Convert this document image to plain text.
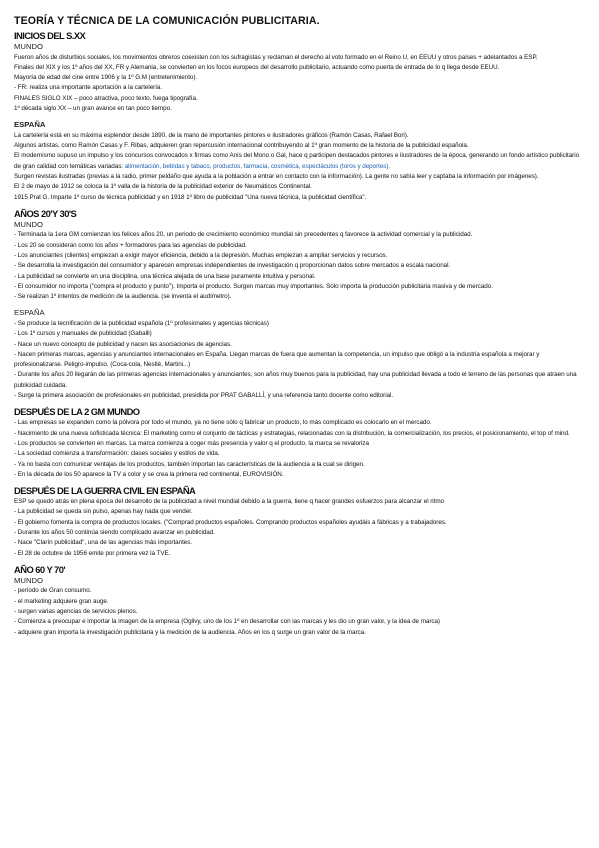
TEORÍA Y TÉCNICA DE LA COMUNICACIÓN PUBLICITARIA.
INICIOS DEL S.XX
MUNDO

Fueron años de disturbios sociales, los movimientos obreros coexisten con los sufragistas y reclaman el derecho al voto formado en el Reino U, en EEUU y otros países + adelantados a ESP.

Finales del XIX y los 1º años del XX, FR y Alemania, se convierten en los focos europeos del desarrollo publicitario, actuando como puerta de entrada de lo q llega desde EEUU.

Mayoría de edad del cine entre 1906 y la 1º G.M (entretenimiento).

- FR: realiza una importante aportación a la cartelería.

FINALES SIGLO XIX – poco atractiva, poco texto, fuega tipografía.

1º década siglo XX – un gran avance en tan poco tiempo.

ESPAÑA

La cartelería está en su máxima esplendor desde 1890, de la mano de importantes pintores e ilustradores gráficos (Ramón Casas, Rafael Bori).

Algunos artistas, como Ramón Casas y F. Ribas, adquieren gran repercusión internacional contribuyendo al 1º gran momento de la historia de la publicidad española.

El modernismo supuso un impulso y los concursos convocados x firmas como Anís del Mono o Gal, hace q participen destacados pintores e ilustradores de la época, generando un fondo artístico publicitario de gran calidad con temáticas variadas: alimentación, bebidas y tabaco, productos, farmacia, cosmética, espectáculos (toros y deportes).

Surgen revistas ilustradas (previas a la radio, primer peldaño que ayuda a la población a entrar en contacto con la información). La gente no sabía leer y captaba la información por imágenes).

El 2 de mayo de 1912 se coloca la 1º valla de la historia de la publicidad exterior de Neumáticos Continental.

1915 Prat G. Imparte 1º curso de técnica publicidad y en 1918 1º libro de publicidad "Una nueva técnica, la publicidad científica".

AÑOS 20'Y 30'S
MUNDO

- Terminada la 1era GM comienzan los felices años 20, un periodo de crecimiento económico mundial sin precedentes q favorece la actividad comercial y la publicidad.

- Los 20 se consideran como los años + formadores para las agencias de publicidad.

- Los anunciantes (clientes) empiezan a exigir mayor eficiencia, debido a la depresión. Muchas empiezan a ampliar servicios y recursos.

- Se desarrolla la investigación del consumidor y aparecen empresas independientes de investigación q proporcionan datos sobre mercados a escala nacional.

- La publicidad se convierte en una disciplina, una técnica alejada de una base puramente intuitiva y personal.

- El consumidor no importa ("compra el producto y punto"). Importa el producto. Surgen marcas muy importantes. Solo importa la producción publicitaria masiva y de mercado.

- Se realizan 1º intentos de medición de la audiencia. (se inventa el audímetro).

ESPAÑA

- Se produce la tecnificación de la publicidad española (1º profesionales y agencias técnicas)

- Los 1º cursos y manuales de publicidad (Gaballi)

- Nace un nuevo concepto de publicidad y nacen las asociaciones de agencias.

- Nacen primeras marcas, agencias y anunciantes internacionales en España. Llegan marcas de fuera que aumentan la competencia, un impulso que obligó a la industria española a mejorar y profesionalizarse. Peligro-impulso. (Coca-cola, Nestlé, Martini...)

- Durante los años 20 llegarán de las primeras agencias internacionales y anunciantes, son años muy buenos para la publicidad, hay una publicidad llevada a todo el terreno de las personas que atraen una publicidad cuidada.

- Surge la primera asociación de profesionales en publicidad, presidida por PRAT GABALLÍ, y una referencia tanto docente como editorial.

DESPUÉS DE LA 2 GM MUNDO

- Las empresas se expanden como la pólvora por todo el mundo, ya no tiene sólo q fabricar un producto, lo más complicado es colocarlo en el mercado.

- Nacimiento de una nueva sofisticada técnica: El marketing como el conjunto de tácticas y estrategias, relacionadas con la distribución, la comercialización, los precios, el posicionamiento, el top of mind.

- Los productos se convierten en marcas. La marca comienza a coger más presencia y valor q el producto. la marca se revaloriza

- La sociedad comienza a transformación: clases sociales y estilos de vida.

- Ya no basta con comunicar ventajas de los productos, también importan las características de la audiencia a la cual se dirigen.

- En la década de los 50 aparece la TV a color y se crea la primera red continental, EUROVISIÓN.

DESPUÉS DE LA GUERRA CIVIL EN ESPAÑA

ESP se quedó atrás en plena época del desarrollo de la publicidad a nivel mundial debido a la guerra, tiene q hacer grandes esfuerzos para alcanzar el ritmo

- La publicidad se queda sin pulso, apenas hay nada que vender.

- El gobierno fomenta la compra de productos locales. ("Comprad productos españoles. Comprando productos españoles ayudáis a fábricas y a trabajadores.

- Durante los años 50 continúa siendo complicado avanzar en publicidad.

- Nace "Clarín publicidad", una de las agencias más importantes.

- El 28 de octubre de 1956 emite por primera vez la TVE.

AÑO 60 Y 70'
MUNDO

- período de Gran consumo.

- el marketing adquiere gran auge.

- surgen varias agencias de servicios plenos.

- Comienza a preocupar e importar la imagen de la empresa (Ogilvy, uno de los 1º en desarrollar con las marcas y les dio un gran valor, y la idea de marca)

- adquiere gran importa la investigación publicitaria y la medición de la audiencia. Años en los q surge un gran valor de la marca.
